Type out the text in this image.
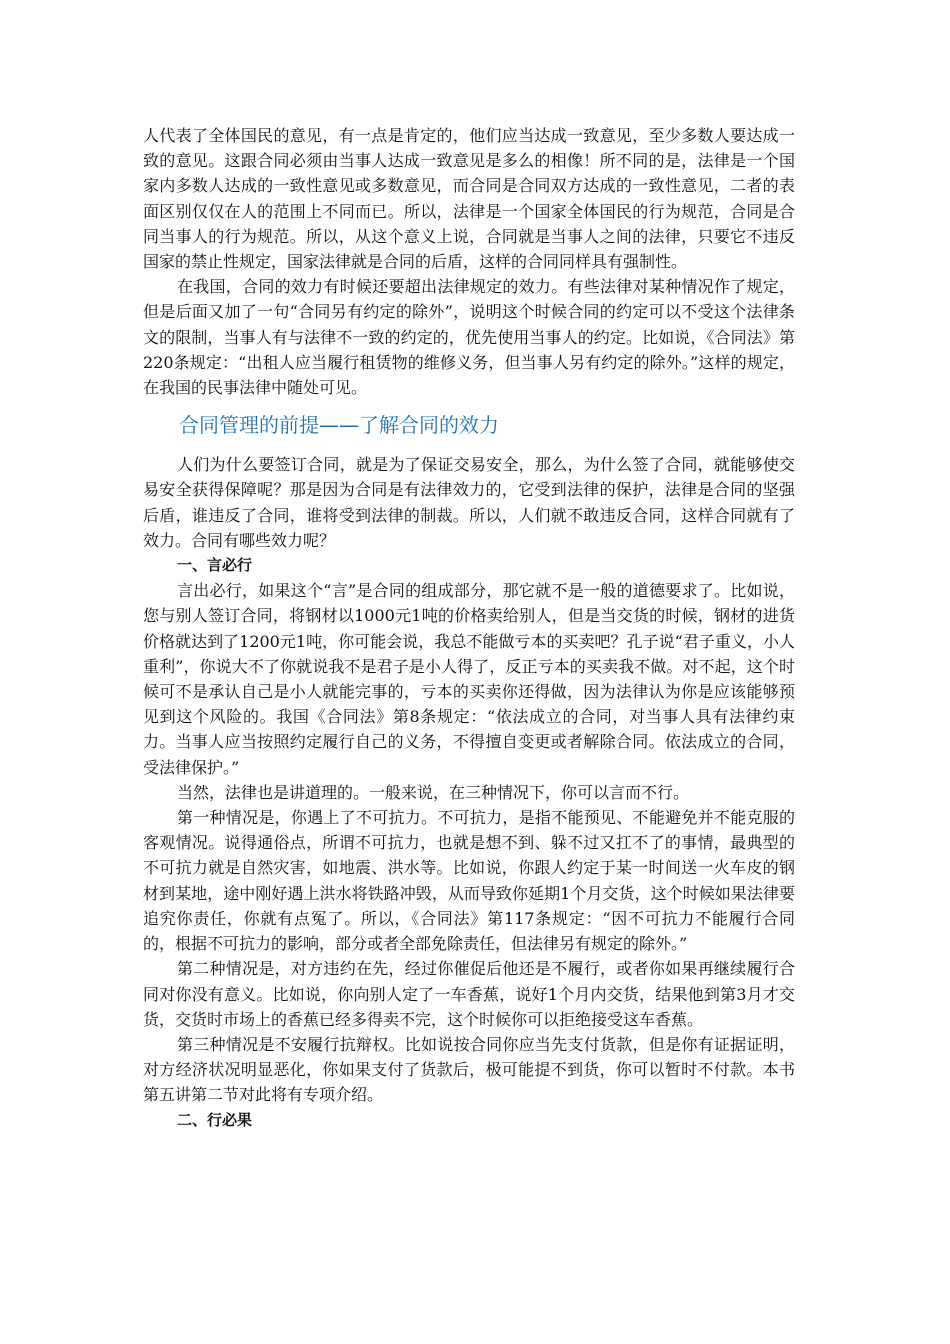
人代表了全体国民的意见，有一点是肯定的，他们应当达成一致意见，至少多数人要达成一致的意见。这跟合同必须由当事人达成一致意见是多么的相像！所不同的是，法律是一个国家内多数人达成的一致性意见或多数意见，而合同是合同双方达成的一致性意见，二者的表面区别仅仅在人的范围上不同而已。所以，法律是一个国家全体国民的行为规范，合同是合同当事人的行为规范。所以，从这个意义上说，合同就是当事人之间的法律，只要它不违反国家的禁止性规定，国家法律就是合同的后盾，这样的合同同样具有强制性。

在我国，合同的效力有时候还要超出法律规定的效力。有些法律对某种情况作了规定，但是后面又加了一句“合同另有约定的除外”，说明这个时候合同的约定可以不受这个法律条文的限制，当事人有与法律不一致的约定的，优先使用当事人的约定。比如说，《合同法》第220条规定：“出租人应当履行租赁物的维修义务，但当事人另有约定的除外。”这样的规定，在我国的民事法律中随处可见。

合同管理的前提——了解合同的效力

人们为什么要签订合同，就是为了保证交易安全，那么，为什么签了合同，就能够使交易安全获得保障呢？那是因为合同是有法律效力的，它受到法律的保护，法律是合同的坚强后盾，谁违反了合同，谁将受到法律的制裁。所以，人们就不敢违反合同，这样合同就有了效力。合同有哪些效力呢？

一、言必行

言出必行，如果这个“言”是合同的组成部分，那它就不是一般的道德要求了。比如说，您与别人签订合同，将钢材以1000元1吨的价格卖给别人，但是当交货的时候，钢材的进货价格就达到了1200元1吨，你可能会说，我总不能做亏本的买卖吧？孔子说“君子重义，小人重利”，你说大不了你就说我不是君子是小人得了，反正亏本的买卖我不做。对不起，这个时候可不是承认自己是小人就能完事的，亏本的买卖你还得做，因为法律认为你是应该能够预见到这个风险的。我国《合同法》第8条规定：“依法成立的合同，对当事人具有法律约束力。当事人应当按照约定履行自己的义务，不得擅自变更或者解除合同。依法成立的合同，受法律保护。”

当然，法律也是讲道理的。一般来说，在三种情况下，你可以言而不行。

第一种情况是，你遇上了不可抗力。不可抗力，是指不能预见、不能避免并不能克服的客观情况。说得通俗点，所谓不可抗力，也就是想不到、躲不过又扛不了的事情，最典型的不可抗力就是自然灾害，如地震、洪水等。比如说，你跟人约定于某一时间送一火车皮的钢材到某地，途中刚好遇上洪水将铁路冲毁，从而导致你延期1个月交货，这个时候如果法律要追究你责任，你就有点冤了。所以，《合同法》第117条规定：“因不可抗力不能履行合同的，根据不可抗力的影响，部分或者全部免除责任，但法律另有规定的除外。”

第二种情况是，对方违约在先，经过你催促后他还是不履行，或者你如果再继续履行合同对你没有意义。比如说，你向别人定了一车香蕉，说好1个月内交货，结果他到第3月才交货，交货时市场上的香蕉已经多得卖不完，这个时候你可以拒绝接受这车香蕉。

第三种情况是不安履行抗辩权。比如说按合同你应当先支付货款，但是你有证据证明，对方经济状况明显恶化，你如果支付了货款后，极可能提不到货，你可以暂时不付款。本书第五讲第二节对此将有专项介绍。

二、行必果
